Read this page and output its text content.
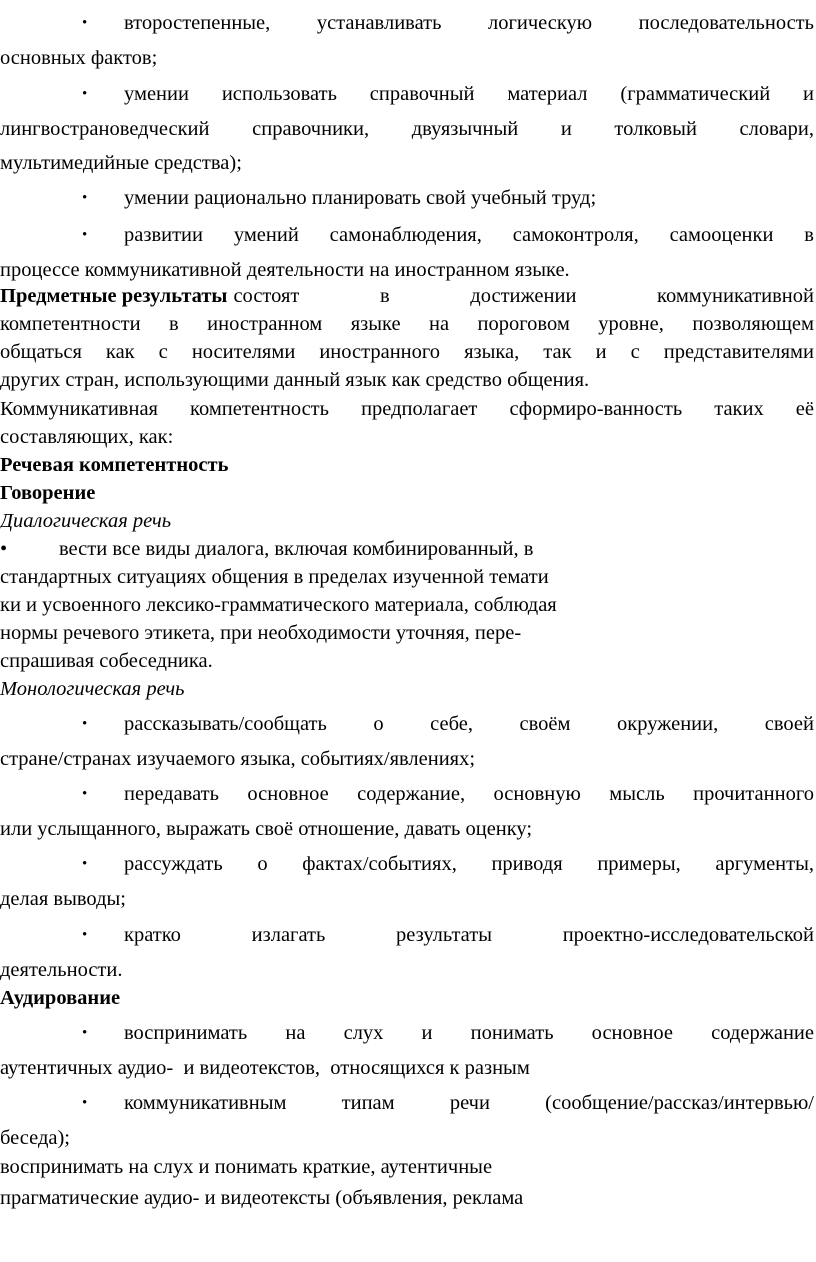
• второстепенные, устанавливать логическую последовательность
основных фактов;
• умении использовать справочный материал (грамматический и
лингвострановедческий справочники, двуязычный и толковый словари,
мультимедийные средства);
• умении рационально планировать свой учебный труд;
• развитии умений самонаблюдения, самоконтроля, самооценки в
процессе коммуникативной деятельности на иностранном языке.
Предметные результаты состоят в достижении коммуникативной
компетентности в иностранном языке на пороговом уровне, позволяющем
общаться как с носителями иностранного языка, так и с представителями
других стран, использующими данный язык как средство общения.
Коммуникативная компетентность предполагает сформиро-ванность таких её
составляющих, как:
Речевая компетентность
Говорение
Диалогическая речь
•	вести все виды диалога, включая комбинированный, в
стандартных ситуациях общения в пределах изученной темати
ки и усвоенного лексико-грамматического материала, соблюдая
нормы речевого этикета, при необходимости уточняя, пере-
спрашивая собеседника.
Монологическая речь
• рассказывать/сообщать о себе, своём окружении, своей
стране/странах изучаемого языка, событиях/явлениях;
• передавать основное содержание, основную мысль прочитанного
или услыщанного, выражать своё отношение, давать оценку;
• рассуждать о фактах/событиях, приводя примеры, аргументы,
делая выводы;
• кратко излагать результаты проектно-исследовательской
деятельности.
Аудирование
• воспринимать на слух и понимать основное содержание
аутентичных аудио-  и видеотекстов,  относящихся к разным
• коммуникативным типам речи (сообщение/рассказ/интервью/
беседа);
воспринимать на слух и понимать краткие, аутентичные
прагматические аудио- и видеотексты (объявления, реклама
